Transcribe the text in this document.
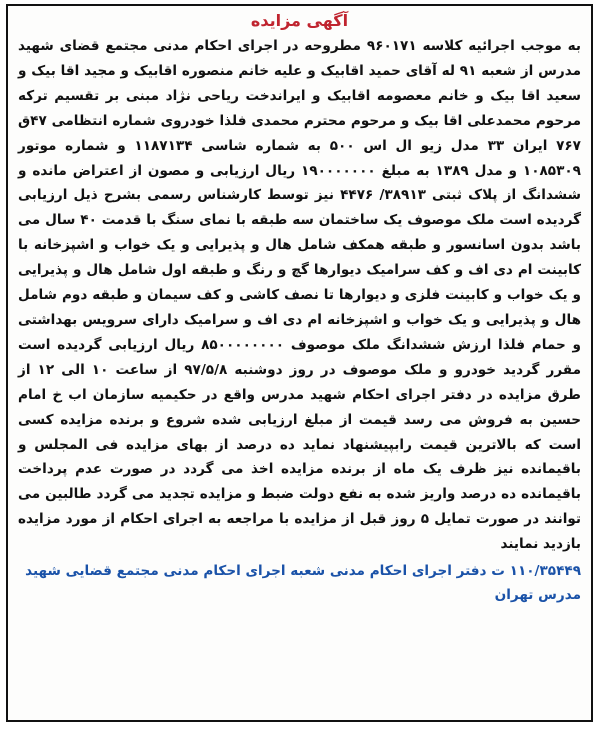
آگهی مزایده

به موجب اجرائیه کلاسه ۹۶۰۱۷۱ مطروحه در اجرای احکام مدنی مجتمع قضای شهید مدرس از شعبه ۹۱ له آقای حمید اقابیک و علیه خانم منصوره اقابیک و مجید اقا بیک و سعید اقا بیک و خانم معصومه اقابیک و ایراندخت ریاحی نژاد مبنی بر تقسیم ترکه مرحوم محمدعلی اقا بیک و مرحوم محترم محمدی فلذا خودروی شماره انتظامی ۴۷ق ۷۶۷ ایران ۳۳ مدل زیو ال اس ۵۰۰ به شماره شاسی ۱۱۸۷۱۳۴ و شماره موتور ۱۰۸۵۳۰۹ و مدل ۱۳۸۹ به مبلغ ۱۹۰۰۰۰۰۰۰ ریال ارزیابی و مصون از اعتراض مانده و ششدانگ از پلاک ثبتی ۳۸۹۱۳/ ۴۴۷۶ نیز توسط کارشناس رسمی بشرح ذیل ارزیابی گردیده است ملک موصوف یک ساختمان سه طبقه با نمای سنگ با قدمت ۴۰ سال می باشد بدون اسانسور و طبقه همکف شامل هال و پذیرایی و یک خواب و اشپزخانه با کابینت ام دی اف و کف سرامیک دیوارها گچ و رنگ و طبقه اول شامل هال و پذیرایی و یک خواب و کابینت فلزی و دیوارها تا نصف کاشی و کف سیمان و طبقه دوم شامل هال و پذیرایی و یک خواب و اشپزخانه ام دی اف و سرامیک دارای سرویس بهداشتی و حمام فلذا ارزش ششدانگ ملک موصوف ۸۵۰۰۰۰۰۰۰۰ ریال ارزیابی گردیده است مقرر گردید خودرو و ملک موصوف در روز دوشنبه ۹۷/۵/۸ از ساعت ۱۰ الی ۱۲ از طرق مزایده در دفتر اجرای احکام شهید مدرس واقع در حکیمیه سازمان اب خ امام حسین به فروش می رسد قیمت از مبلغ ارزیابی شده شروع و برنده مزایده کسی است که بالاترین قیمت رابپیشنهاد نماید ده درصد از بهای مزایده فی المجلس و باقیمانده نیز ظرف یک ماه از برنده مزایده اخذ می گردد در صورت عدم پرداخت باقیمانده ده درصد واریز شده به نفع دولت ضبط و مزایده تجدید می گردد طالبین می توانند در صورت تمایل ۵ روز قبل از مزایده با مراجعه به اجرای احکام از مورد مزایده بازدید نمایند

۱۱۰/۳۵۴۴۹ ت دفتر اجرای احکام مدنی شعبه اجرای احکام مدنی مجتمع قضایی شهید مدرس تهران
